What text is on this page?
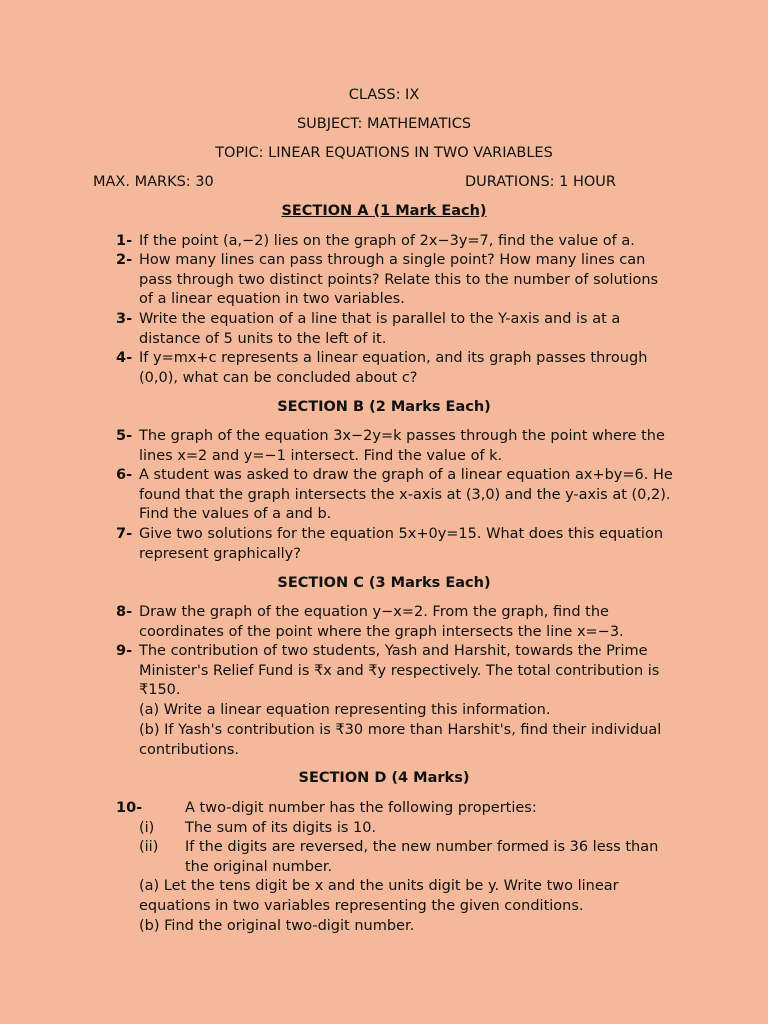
CLASS: IX
SUBJECT: MATHEMATICS
TOPIC: LINEAR EQUATIONS IN TWO VARIABLES
MAX. MARKS: 30	DURATIONS: 1 HOUR
SECTION A (1 Mark Each)
1- If the point (a,−2) lies on the graph of 2x−3y=7, find the value of a.
2- How many lines can pass through a single point? How many lines can pass through two distinct points? Relate this to the number of solutions of a linear equation in two variables.
3- Write the equation of a line that is parallel to the Y-axis and is at a distance of 5 units to the left of it.
4- If y=mx+c represents a linear equation, and its graph passes through (0,0), what can be concluded about c?
SECTION B (2 Marks Each)
5- The graph of the equation 3x−2y=k passes through the point where the lines x=2 and y=−1 intersect. Find the value of k.
6- A student was asked to draw the graph of a linear equation ax+by=6. He found that the graph intersects the x-axis at (3,0) and the y-axis at (0,2). Find the values of a and b.
7- Give two solutions for the equation 5x+0y=15. What does this equation represent graphically?
SECTION C (3 Marks Each)
8- Draw the graph of the equation y−x=2. From the graph, find the coordinates of the point where the graph intersects the line x=−3.
9- The contribution of two students, Yash and Harshit, towards the Prime Minister's Relief Fund is ₹x and ₹y respectively. The total contribution is ₹150.
(a) Write a linear equation representing this information.
(b) If Yash's contribution is ₹30 more than Harshit's, find their individual contributions.
SECTION D (4 Marks)
10-	A two-digit number has the following properties:
(i) The sum of its digits is 10.
(ii) If the digits are reversed, the new number formed is 36 less than the original number.
(a) Let the tens digit be x and the units digit be y. Write two linear equations in two variables representing the given conditions.
(b) Find the original two-digit number.
